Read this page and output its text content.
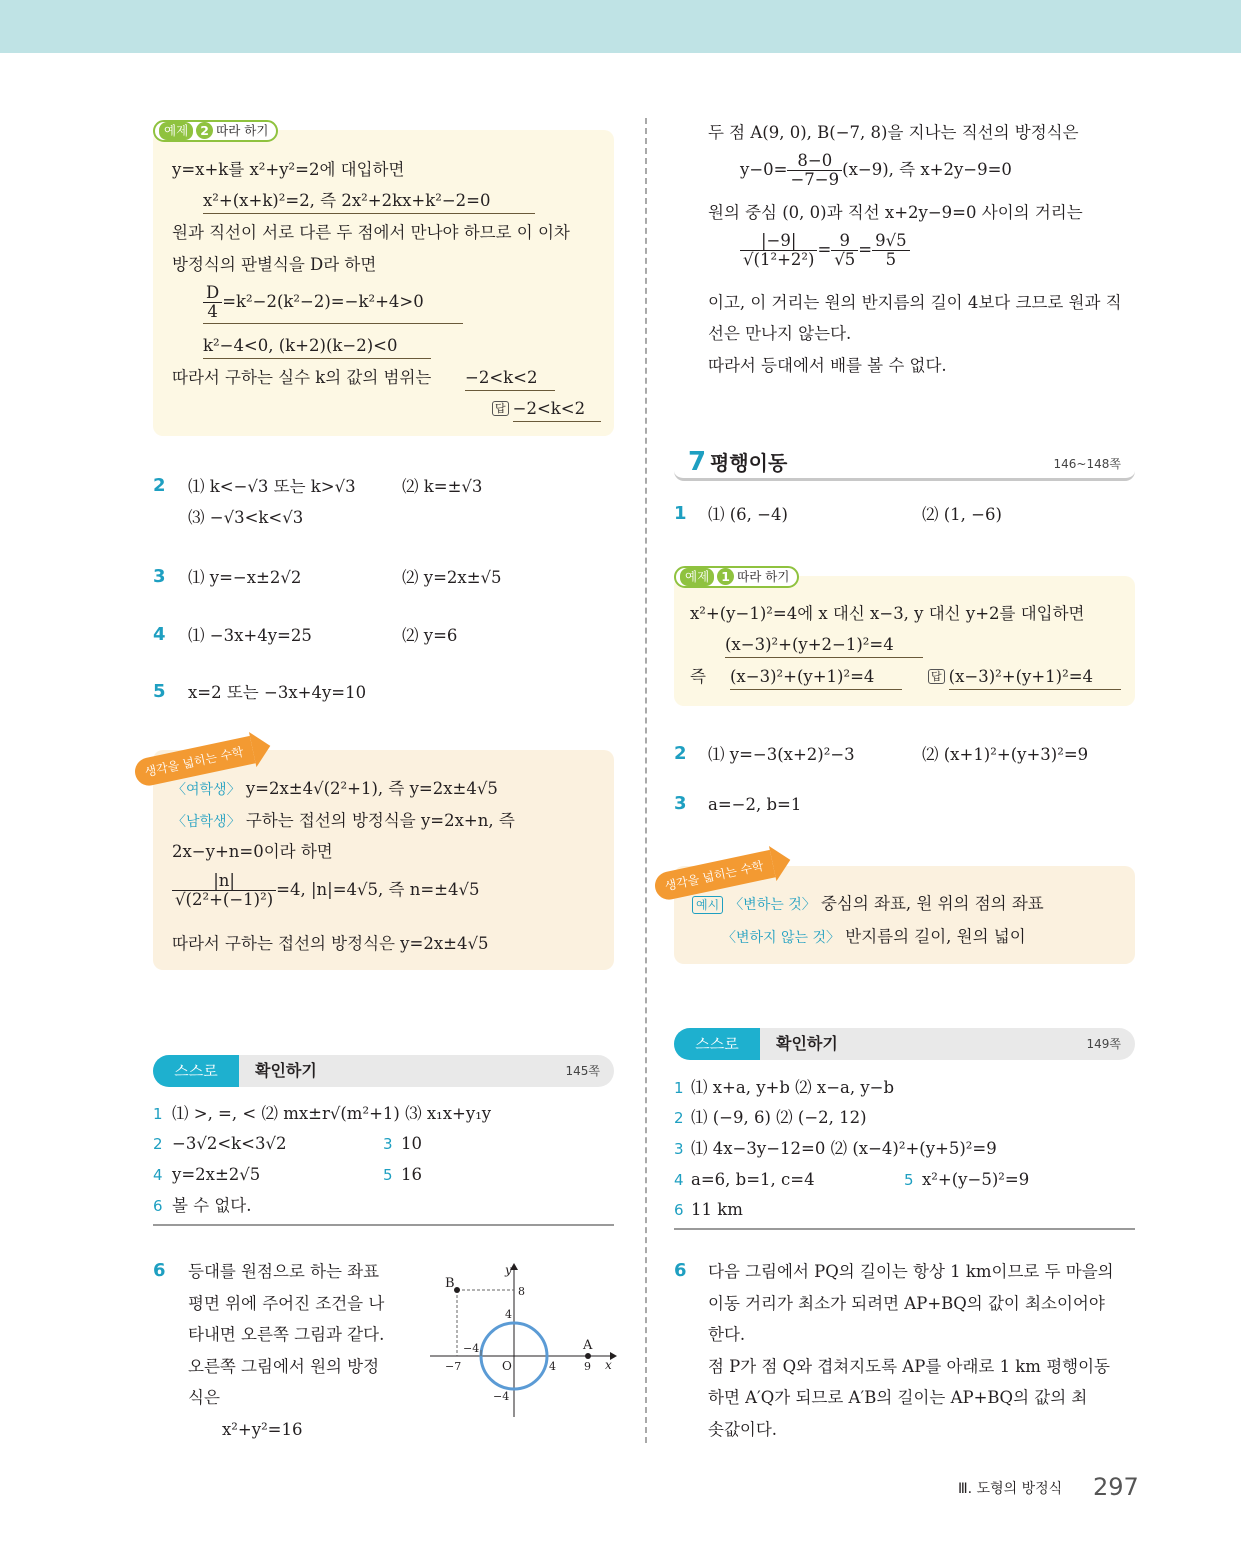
예제 2 따라 하기
y=x+k를 x²+y²=2에 대입하면
x²+(x+k)²=2, 즉 2x²+2kx+k²−2=0
원과 직선이 서로 다른 두 점에서 만나야 하므로 이 이차
방정식의 판별식을 D라 하면
$\frac{D}{4} =k^2-2(k^2-2)=-k^2+4>0$
k²−4<0, (k+2)(k−2)<0
따라서 구하는 실수 k의 값의 범위는 −2<k<2
답 −2<k<2
2 ⑴ k<−√3 또는 k>√3	⑵ k=±√3
⑶ −√3<k<√3
3 ⑴ y=−x±2√2	⑵ y=2x±√5
4 ⑴ −3x+4y=25	⑵ y=6
5 x=2 또는 −3x+4y=10
생각을 넓히는 수학
〈여학생〉 y=2x±4√(2²+1), 즉 y=2x±4√5
〈남학생〉 구하는 접선의 방정식을 y=2x+n, 즉
2x−y+n=0이라 하면
$\frac{|n|}{\text{√(2²+(−1)²)}} =4$, |n|=4√5, 즉 n=±4√5
따라서 구하는 접선의 방정식은 y=2x±4√5
스스로	확인하기	145쪽
1 ⑴ >, =, < ⑵ mx±r√(m²+1) ⑶ x₁x+y₁y
2 −3√2<k<3√2	3 10
4 y=2x±2√5	5 16
6 볼 수 없다.
6 등대를 원점으로 하는 좌표
평면 위에 주어진 조건을 나
타내면 오른쪽 그림과 같다.
오른쪽 그림에서 원의 방정
식은
x²+y²=16
B
A
y
x
O
8
4
−4
−4
−7	4	9
두 점 A(9, 0), B(−7, 8)을 지나는 직선의 방정식은
$y-0= \frac{8-0}{-7-9} (x-9)$, 즉 x+2y−9=0
원의 중심 (0, 0)과 직선 x+2y−9=0 사이의 거리는
$\frac{|-9|}{\text{√(1²+2²)}} = \frac{9}{√5} = \frac{9√5}{5}$
이고, 이 거리는 원의 반지름의 길이 4보다 크므로 원과 직
선은 만나지 않는다.
따라서 등대에서 배를 볼 수 없다.
7 평행이동	146~148쪽
1 ⑴ (6, −4)	⑵ (1, −6)
예제 1 따라 하기
x²+(y−1)²=4에 x 대신 x−3, y 대신 y+2를 대입하면
(x−3)²+(y+2−1)²=4
즉 (x−3)²+(y+1)²=4	답 (x−3)²+(y+1)²=4
2 ⑴ y=−3(x+2)²−3	⑵ (x+1)²+(y+3)²=9
3 a=−2, b=1
생각을 넓히는 수학
예시 〈변하는 것〉 중심의 좌표, 원 위의 점의 좌표
〈변하지 않는 것〉 반지름의 길이, 원의 넓이
스스로	확인하기	149쪽
1 ⑴ x+a, y+b ⑵ x−a, y−b
2 ⑴ (−9, 6) ⑵ (−2, 12)
3 ⑴ 4x−3y−12=0 ⑵ (x−4)²+(y+5)²=9
4 a=6, b=1, c=4	5 x²+(y−5)²=9
6 11 km
6 다음 그림에서 PQ의 길이는 항상 1 km이므로 두 마을의
이동 거리가 최소가 되려면 AP+BQ의 값이 최소이어야
한다.
점 P가 점 Q와 겹쳐지도록 AP를 아래로 1 km 평행이동
하면 A′Q가 되므로 A′B의 길이는 AP+BQ의 값의 최
솟값이다.
Ⅲ. 도형의 방정식 297
